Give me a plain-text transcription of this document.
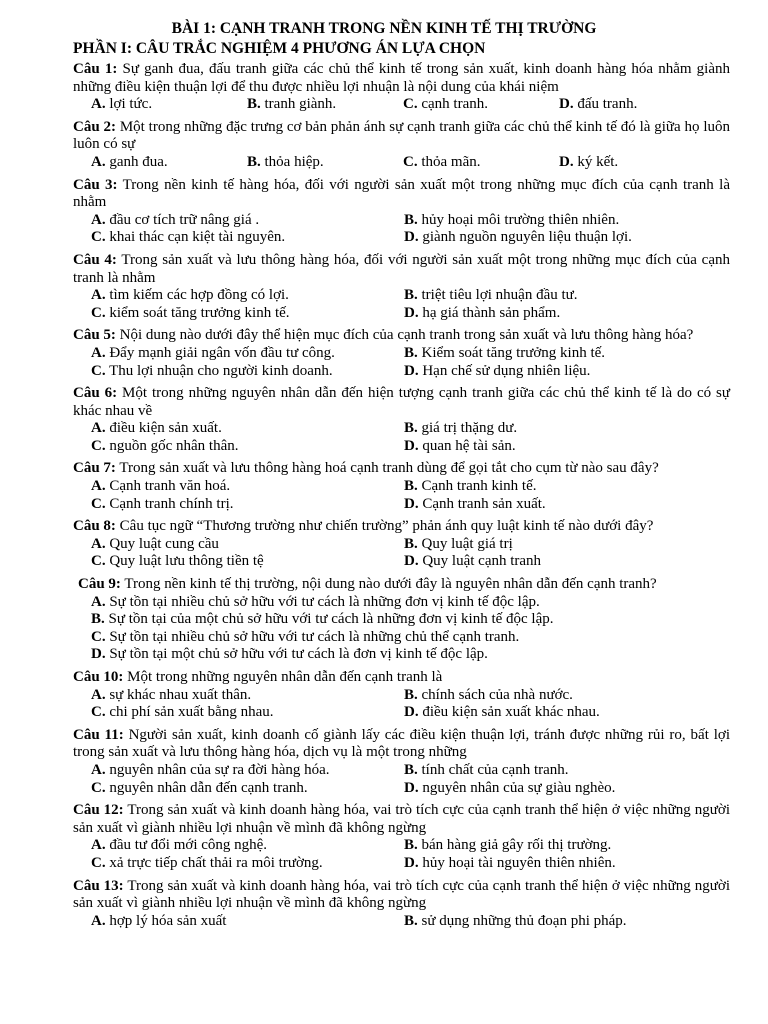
BÀI 1: CẠNH TRANH TRONG NỀN KINH TẾ THỊ TRƯỜNG
PHẦN I: CÂU TRẮC NGHIỆM 4 PHƯƠNG ÁN LỰA CHỌN

Câu 1: Sự ganh đua, đấu tranh giữa các chủ thể kinh tế trong sản xuất, kinh doanh hàng hóa nhằm giành những điều kiện thuận lợi để thu được nhiều lợi nhuận là nội dung của khái niệm

A. lợi tức.	B. tranh giành.	C. cạnh tranh.	D. đấu tranh.

Câu 2: Một trong những đặc trưng cơ bản phản ánh sự cạnh tranh giữa các chủ thể kinh tế đó là giữa họ luôn luôn có sự

A. ganh đua.	B. thỏa hiệp.	C. thỏa mãn.	D. ký kết.

Câu 3: Trong nền kinh tế hàng hóa, đối với người sản xuất một trong những mục đích của cạnh tranh là nhằm

A. đầu cơ tích trữ nâng giá .	B. hủy hoại môi trường thiên nhiên.
C. khai thác cạn kiệt tài nguyên.	D. giành nguồn nguyên liệu thuận lợi.

Câu 4: Trong sản xuất và lưu thông hàng hóa, đối với người sản xuất một trong những mục đích của cạnh tranh là nhằm

A. tìm kiếm các hợp đồng có lợi.	B. triệt tiêu lợi nhuận đầu tư.
C. kiểm soát tăng trưởng kinh tế.	D. hạ giá thành sản phẩm.

Câu 5: Nội dung nào dưới đây thể hiện mục đích của cạnh tranh trong sản xuất và lưu thông hàng hóa?

A. Đẩy mạnh giải ngân vốn đầu tư công.	B. Kiểm soát tăng trưởng kinh tế.
C. Thu lợi nhuận cho người kinh doanh.	D. Hạn chế sử dụng nhiên liệu.

Câu 6: Một trong những nguyên nhân dẫn đến hiện tượng cạnh tranh giữa các chủ thể kinh tế là do có sự khác nhau về

A. điều kiện sản xuất.	B. giá trị thặng dư.
C. nguồn gốc nhân thân.	D. quan hệ tài sản.

Câu 7: Trong sản xuất và lưu thông hàng hoá cạnh tranh dùng để gọi tắt cho cụm từ nào sau đây?

A. Cạnh tranh văn hoá.	B. Cạnh tranh kinh tế.
C. Cạnh tranh chính trị.	D. Cạnh tranh sản xuất.

Câu 8: Câu tục ngữ “Thương trường như chiến trường” phản ánh quy luật kinh tế nào dưới đây?

A. Quy luật cung cầu	B. Quy luật giá trị
C. Quy luật lưu thông tiền tệ	D. Quy luật cạnh tranh

Câu 9: Trong nền kinh tế thị trường, nội dung nào dưới đây là nguyên nhân dẫn đến cạnh tranh?

A. Sự tồn tại nhiều chủ sở hữu với tư cách là những đơn vị kinh tế độc lập.
B. Sự tồn tại của một chủ sở hữu với tư cách là những đơn vị kinh tế độc lập.
C. Sự tồn tại nhiều chủ sở hữu với tư cách là những chủ thể cạnh tranh.
D. Sự tồn tại một chủ sở hữu với tư cách là đơn vị kinh tế độc lập.

Câu 10: Một trong những nguyên nhân dẫn đến cạnh tranh là

A. sự khác nhau xuất thân.	B. chính sách của nhà nước.
C. chi phí sản xuất bằng nhau.	D. điều kiện sản xuất khác nhau.

Câu 11: Người sản xuất, kinh doanh cố giành lấy các điều kiện thuận lợi, tránh được những rủi ro, bất lợi trong sản xuất và lưu thông hàng hóa, dịch vụ là một trong những

A. nguyên nhân của sự ra đời hàng hóa.	B. tính chất của cạnh tranh.
C. nguyên nhân dẫn đến cạnh tranh.	D. nguyên nhân của sự giàu nghèo.

Câu 12: Trong sản xuất và kinh doanh hàng hóa, vai trò tích cực của cạnh tranh thể hiện ở việc những người sản xuất vì giành nhiều lợi nhuận về mình đã không ngừng

A. đầu tư đổi mới công nghệ.	B. bán hàng giả gây rối thị trường.
C. xả trực tiếp chất thải ra môi trường.	D. hủy hoại tài nguyên thiên nhiên.

Câu 13: Trong sản xuất và kinh doanh hàng hóa, vai trò tích cực của cạnh tranh thể hiện ở việc những người sản xuất vì giành nhiều lợi nhuận về mình đã không ngừng

A. hợp lý hóa sản xuất	B. sử dụng những thủ đoạn phi pháp.
